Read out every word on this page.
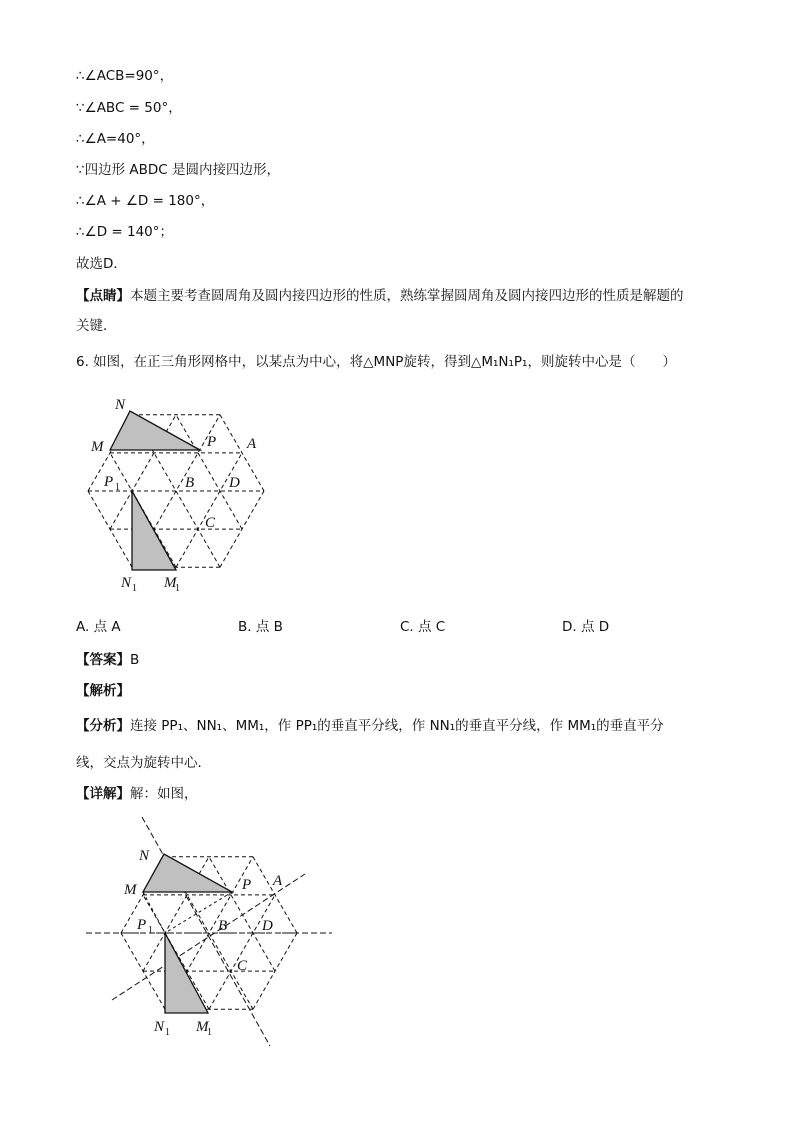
∴∠ACB=90°，
∵∠ABC = 50°，
∴∠A=40°，
∵四边形 ABDC 是圆内接四边形，
∴∠A + ∠D = 180°，
∴∠D = 140°；
故选D．
【点睛】本题主要考查圆周角及圆内接四边形的性质，熟练掌握圆周角及圆内接四边形的性质是解题的
关键．
6. 如图，在正三角形网格中，以某点为中心，将△MNP旋转，得到△M₁N₁P₁，则旋转中心是（　　）
N
M	P A
B D
C
P 1
N 1 M
1
A. 点 A	B. 点 B	C. 点 C	D. 点 D
【答案】B
【解析】
【分析】连接 PP₁、NN₁、MM₁，作 PP₁的垂直平分线，作 NN₁的垂直平分线，作 MM₁的垂直平分
线，交点为旋转中心．
【详解】解：如图，
N
M	P A
B D
C
P 1
N 1 M
1
